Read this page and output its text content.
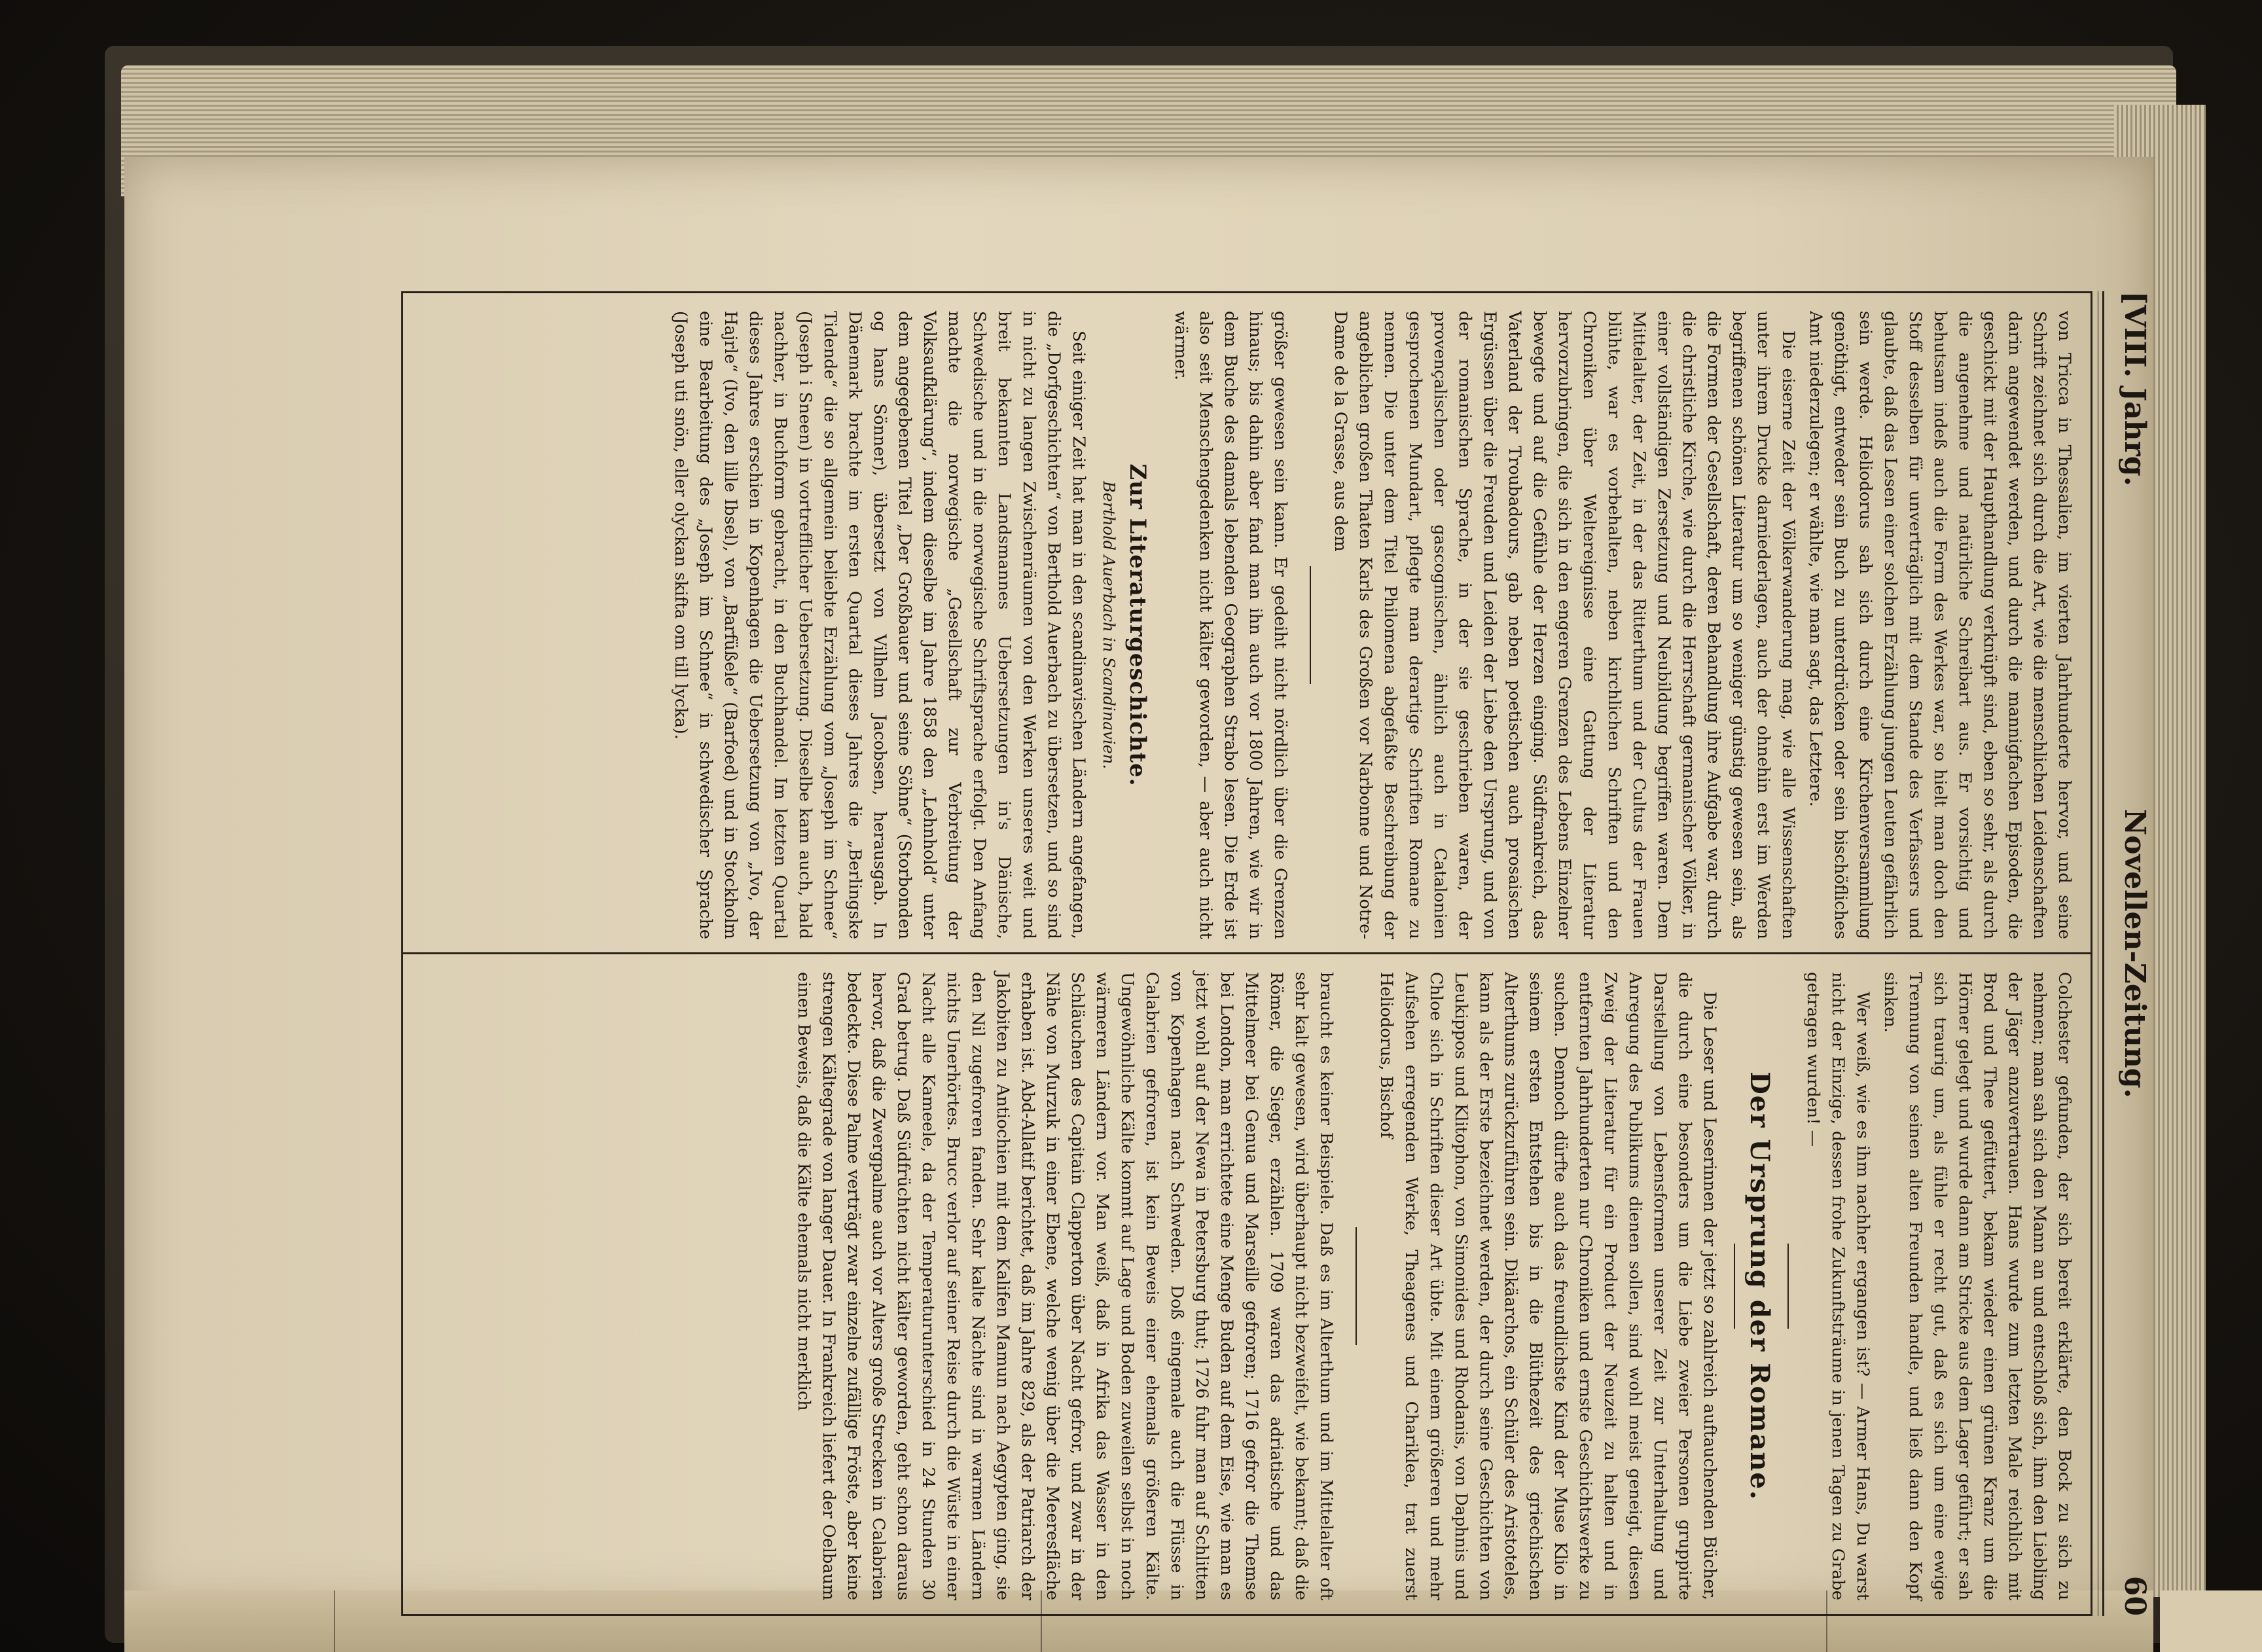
[VIII. Jahrg.
Novellen-Zeitung.
60

von Tricca in Thessalien, im vierten Jahrhunderte hervor, und seine Schrift zeichnet sich durch die Art, wie die menschlichen Leidenschaften darin angewendet werden, und durch die mannigfachen Episoden, die geschickt mit der Haupthandlung verknüpft sind, eben so sehr, als durch die angenehme und natürliche Schreibart aus. Er vorsichtig und behutsam indeß auch die Form des Werkes war, so hielt man doch den Stoff desselben für unverträglich mit dem Stande des Verfassers und glaubte, daß das Lesen einer solchen Erzählung jungen Leuten gefährlich sein werde. Heliodorus sah sich durch eine Kirchenversammlung genöthigt, entweder sein Buch zu unterdrücken oder sein bischöfliches Amt niederzulegen; er wählte, wie man sagt, das Letztere.

Die eiserne Zeit der Völkerwanderung mag, wie alle Wissenschaften unter ihrem Drucke darniederlagen, auch der ohnehin erst im Werden begriffenen schönen Literatur um so weniger günstig gewesen sein, als die Formen der Gesellschaft, deren Behandlung ihre Aufgabe war, durch die christliche Kirche, wie durch die Herrschaft germanischer Völker, in einer vollständigen Zersetzung und Neubildung begriffen waren. Dem Mittelalter, der Zeit, in der das Ritterthum und der Cultus der Frauen blühte, war es vorbehalten, neben kirchlichen Schriften und den Chroniken über Weltereignisse eine Gattung der Literatur hervorzubringen, die sich in den engeren Grenzen des Lebens Einzelner bewegte und auf die Gefühle der Herzen einging. Südfrankreich, das Vaterland der Troubadours, gab neben poetischen auch prosaischen Ergüssen über die Freuden und Leiden der Liebe den Ursprung, und von der romanischen Sprache, in der sie geschrieben waren, der provençalischen oder gascognischen, ähnlich auch in Catalonien gesprochenen Mundart, pflegte man derartige Schriften Romane zu nennen. Die unter dem Titel Philomena abgefaßte Beschreibung der angeblichen großen Thaten Karls des Großen vor Narbonne und Notre-Dame de la Grasse, aus dem

größer gewesen sein kann. Er gedeiht nicht nördlich über die Grenzen hinaus; bis dahin aber fand man ihn auch vor 1800 Jahren, wie wir in dem Buche des damals lebenden Geographen Strabo lesen. Die Erde ist also seit Menschengedenken nicht kälter geworden, — aber auch nicht wärmer.

Zur Literaturgeschichte.

Berthold Auerbach in Scandinavien.

Seit einiger Zeit hat man in den scandinavischen Ländern angefangen, die „Dorfgeschichten“ von Berthold Auerbach zu übersetzen, und so sind in nicht zu langen Zwischenräumen von den Werken unseres weit und breit bekannten Landsmannes Uebersetzungen in's Dänische, Schwedische und in die norwegische Schriftsprache erfolgt. Den Anfang machte die norwegische „Gesellschaft zur Verbreitung der Volksaufklärung“, indem dieselbe im Jahre 1858 den „Lehnhold“ unter dem angegebenen Titel „Der Großbauer und seine Söhne“ (Storbonden og hans Sönner), übersetzt von Vilhelm Jacobsen, herausgab. In Dänemark brachte im ersten Quartal dieses Jahres die „Berlingske Tidende“ die so allgemein beliebte Erzählung vom „Joseph im Schnee“ (Joseph i Sneen) in vortrefflicher Uebersetzung. Dieselbe kam auch, bald nachher, in Buchform gebracht, in den Buchhandel. Im letzten Quartal dieses Jahres erschien in Kopenhagen die Uebersetzung von „Ivo, der Hajrle“ (Ivo, den lille Ibsel), von „Barfüßele“ (Barfoed) und in Stockholm eine Bearbeitung des „Joseph im Schnee“ in schwedischer Sprache (Joseph uti snön, eller olyckan skifta om till lycka).

Colchester gefunden, der sich bereit erklärte, den Bock zu sich zu nehmen; man sah sich den Mann an und entschloß sich, ihm den Liebling der Jäger anzuvertrauen. Hans wurde zum letzten Male reichlich mit Brod und Thee gefüttert, bekam wieder einen grünen Kranz um die Hörner gelegt und wurde dann am Stricke aus dem Lager geführt; er sah sich traurig um, als fühle er recht gut, daß es sich um eine ewige Trennung von seinen alten Freunden handle, und ließ dann den Kopf sinken.

Wer weiß, wie es ihm nachher ergangen ist? — Armer Hans, Du warst nicht der Einzige, dessen frohe Zukunftsträume in jenen Tagen zu Grabe getragen wurden! —

Der Ursprung der Romane.

Die Leser und Leserinnen der jetzt so zahlreich auftauchenden Bücher, die durch eine besonders um die Liebe zweier Personen gruppirte Darstellung von Lebensformen unserer Zeit zur Unterhaltung und Anregung des Publikums dienen sollen, sind wohl meist geneigt, diesen Zweig der Literatur für ein Product der Neuzeit zu halten und in entfernten Jahrhunderten nur Chroniken und ernste Geschichtswerke zu suchen. Dennoch dürfte auch das freundlichste Kind der Muse Klio in seinem ersten Entstehen bis in die Blüthezeit des griechischen Alterthums zurückzuführen sein. Dikäarchos, ein Schüler des Aristoteles, kann als der Erste bezeichnet werden, der durch seine Geschichten von Leukippos und Klitophon, von Simonides und Rhodanis, von Daphnis und Chloe sich in Schriften dieser Art übte. Mit einem größeren und mehr Aufsehen erregenden Werke, Theagenes und Chariklea, trat zuerst Heliodorus, Bischof

braucht es keiner Beispiele. Daß es im Alterthum und im Mittelalter oft sehr kalt gewesen, wird überhaupt nicht bezweifelt, wie bekannt; daß die Römer, die Sieger, erzählen. 1709 waren das adriatische und das Mittelmeer bei Genua und Marseille gefroren; 1716 gefror die Themse bei London, man errichtete eine Menge Buden auf dem Eise, wie man es jetzt wohl auf der Newa in Petersburg thut; 1726 fuhr man auf Schlitten von Kopenhagen nach Schweden. Doß eingemale auch die Flüsse in Calabrien gefroren, ist kein Beweis einer ehemals größeren Kälte. Ungewöhnliche Kälte kommt auf Lage und Boden zuweilen selbst in noch wärmeren Ländern vor. Man weiß, daß in Afrika das Wasser in den Schläuchen des Capitain Clapperton über Nacht gefror, und zwar in der Nähe von Murzuk in einer Ebene, welche wenig über die Meeresfläche erhaben ist. Abd-Allatif berichtet, daß im Jahre 829, als der Patriarch der Jakobiten zu Antiochien mit dem Kalifen Mamun nach Aegypten ging, sie den Nil zugefroren fanden. Sehr kalte Nächte sind in warmen Ländern nichts Unerhörtes. Brucc verlor auf seiner Reise durch die Wüste in einer Nacht alle Kameele, da der Temperaturunterschied in 24 Stunden 30 Grad betrug. Daß Südfrüchten nicht kälter geworden, geht schon daraus hervor, daß die Zwergpalme auch vor Alters große Strecken in Calabrien bedeckte. Diese Palme verträgt zwar einzelne zufällige Fröste, aber keine strengen Kältegrade von langer Dauer. In Frankreich liefert der Oelbaum einen Beweis, daß die Kälte ehemals nicht merklich
